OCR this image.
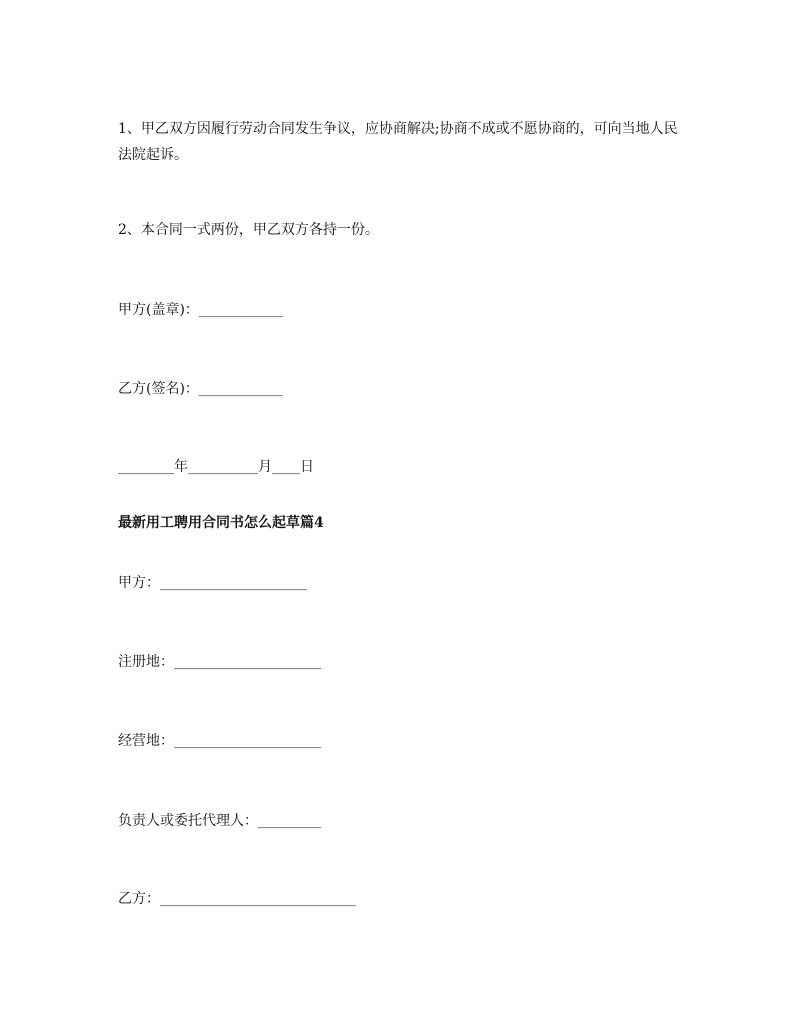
1、甲乙双方因履行劳动合同发生争议，应协商解决;协商不成或不愿协商的，可向当地人民法院起诉。
2、本合同一式两份，甲乙双方各持一份。
甲方(盖章)：____________
乙方(签名)：____________
________年__________月____日
最新用工聘用合同书怎么起草篇4
甲方：_____________________
注册地：_____________________
经营地：_____________________
负责人或委托代理人：_________
乙方：____________________________
